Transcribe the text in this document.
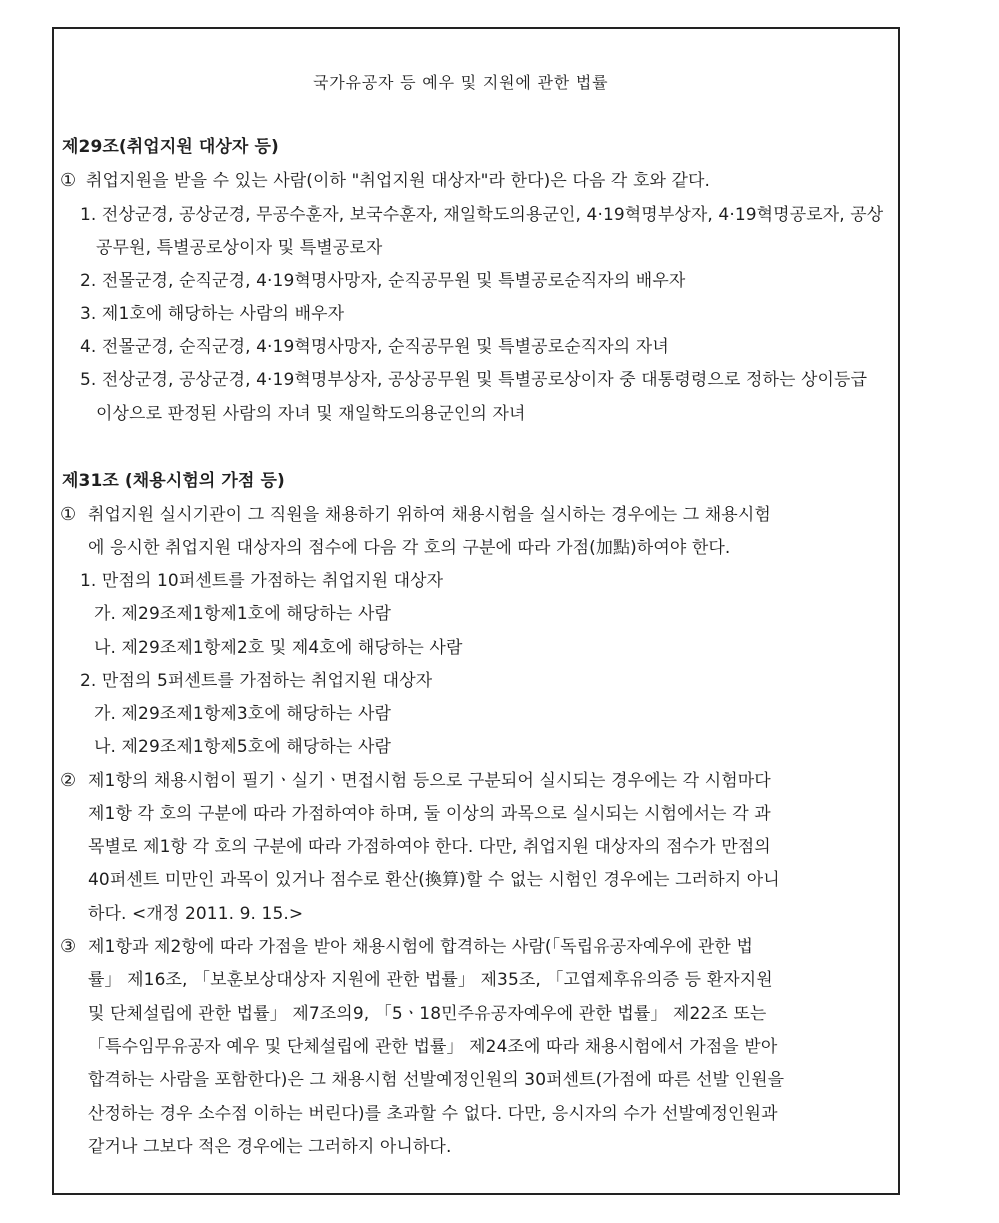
국가유공자 등 예우 및 지원에 관한 법률
제29조(취업지원 대상자 등)
① 취업지원을 받을 수 있는 사람(이하 "취업지원 대상자"라 한다)은 다음 각 호와 같다.
1. 전상군경, 공상군경, 무공수훈자, 보국수훈자, 재일학도의용군인, 4·19혁명부상자, 4·19혁명공로자, 공상
공무원, 특별공로상이자 및 특별공로자
2. 전몰군경, 순직군경, 4·19혁명사망자, 순직공무원 및 특별공로순직자의 배우자
3. 제1호에 해당하는 사람의 배우자
4. 전몰군경, 순직군경, 4·19혁명사망자, 순직공무원 및 특별공로순직자의 자녀
5. 전상군경, 공상군경, 4·19혁명부상자, 공상공무원 및 특별공로상이자 중 대통령령으로 정하는 상이등급
이상으로 판정된 사람의 자녀 및 재일학도의용군인의 자녀
제31조 (채용시험의 가점 등)
① 취업지원 실시기관이 그 직원을 채용하기 위하여 채용시험을 실시하는 경우에는 그 채용시험
에 응시한 취업지원 대상자의 점수에 다음 각 호의 구분에 따라 가점(加點)하여야 한다.
1. 만점의 10퍼센트를 가점하는 취업지원 대상자
가. 제29조제1항제1호에 해당하는 사람
나. 제29조제1항제2호 및 제4호에 해당하는 사람
2. 만점의 5퍼센트를 가점하는 취업지원 대상자
가. 제29조제1항제3호에 해당하는 사람
나. 제29조제1항제5호에 해당하는 사람
② 제1항의 채용시험이 필기ㆍ실기ㆍ면접시험 등으로 구분되어 실시되는 경우에는 각 시험마다
제1항 각 호의 구분에 따라 가점하여야 하며, 둘 이상의 과목으로 실시되는 시험에서는 각 과
목별로 제1항 각 호의 구분에 따라 가점하여야 한다. 다만, 취업지원 대상자의 점수가 만점의
40퍼센트 미만인 과목이 있거나 점수로 환산(換算)할 수 없는 시험인 경우에는 그러하지 아니
하다. <개정 2011. 9. 15.>
③ 제1항과 제2항에 따라 가점을 받아 채용시험에 합격하는 사람(「독립유공자예우에 관한 법
률」 제16조, 「보훈보상대상자 지원에 관한 법률」 제35조, 「고엽제후유의증 등 환자지원
및 단체설립에 관한 법률」 제7조의9, 「5ㆍ18민주유공자예우에 관한 법률」 제22조 또는
「특수임무유공자 예우 및 단체설립에 관한 법률」 제24조에 따라 채용시험에서 가점을 받아
합격하는 사람을 포함한다)은 그 채용시험 선발예정인원의 30퍼센트(가점에 따른 선발 인원을
산정하는 경우 소수점 이하는 버린다)를 초과할 수 없다. 다만, 응시자의 수가 선발예정인원과
같거나 그보다 적은 경우에는 그러하지 아니하다.
